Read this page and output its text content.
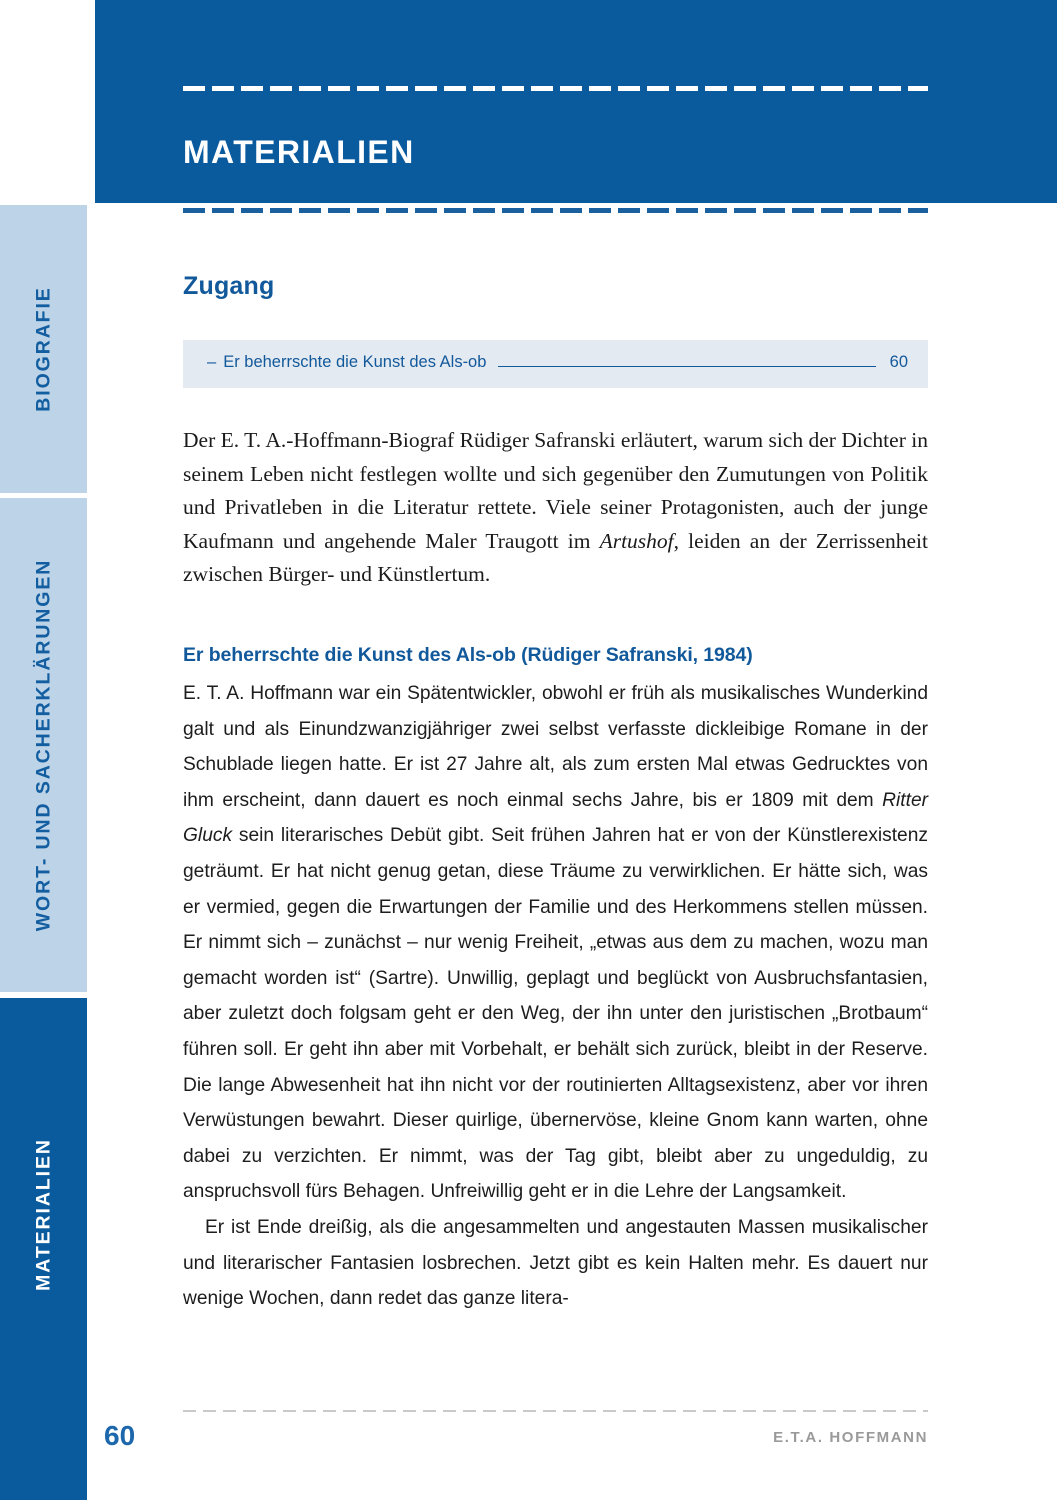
BIOGRAFIE
WORT- UND SACHERKLÄRUNGEN
MATERIALIEN
MATERIALIEN
Zugang
– Er beherrschte die Kunst des Als-ob	60
Der E. T. A.-Hoffmann-Biograf Rüdiger Safranski erläutert, warum sich der Dichter in seinem Leben nicht festlegen wollte und sich gegenüber den Zumutungen von Politik und Privatleben in die Literatur rettete. Viele seiner Protagonisten, auch der junge Kaufmann und angehende Maler Traugott im Artushof, leiden an der Zerrissenheit zwischen Bürger- und Künstlertum.
Er beherrschte die Kunst des Als-ob (Rüdiger Safranski, 1984)

E. T. A. Hoffmann war ein Spätentwickler, obwohl er früh als musikalisches Wunderkind galt und als Einundzwanzigjähriger zwei selbst verfasste dickleibige Romane in der Schublade liegen hatte. Er ist 27 Jahre alt, als zum ersten Mal etwas Gedrucktes von ihm erscheint, dann dauert es noch einmal sechs Jahre, bis er 1809 mit dem Ritter Gluck sein literarisches Debüt gibt. Seit frühen Jahren hat er von der Künstlerexistenz geträumt. Er hat nicht genug getan, diese Träume zu verwirklichen. Er hätte sich, was er vermied, gegen die Erwartungen der Familie und des Herkommens stellen müssen. Er nimmt sich – zunächst – nur wenig Freiheit, „etwas aus dem zu machen, wozu man gemacht worden ist“ (Sartre). Unwillig, geplagt und beglückt von Ausbruchsfantasien, aber zuletzt doch folgsam geht er den Weg, der ihn unter den juristischen „Brotbaum“ führen soll. Er geht ihn aber mit Vorbehalt, er behält sich zurück, bleibt in der Reserve. Die lange Abwesenheit hat ihn nicht vor der routinierten Alltagsexistenz, aber vor ihren Verwüstungen bewahrt. Dieser quirlige, übernervöse, kleine Gnom kann warten, ohne dabei zu verzichten. Er nimmt, was der Tag gibt, bleibt aber zu ungeduldig, zu anspruchsvoll fürs Behagen. Unfreiwillig geht er in die Lehre der Langsamkeit.

Er ist Ende dreißig, als die angesammelten und angestauten Massen musikalischer und literarischer Fantasien losbrechen. Jetzt gibt es kein Halten mehr. Es dauert nur wenige Wochen, dann redet das ganze litera-

60	E.T.A. HOFFMANN
